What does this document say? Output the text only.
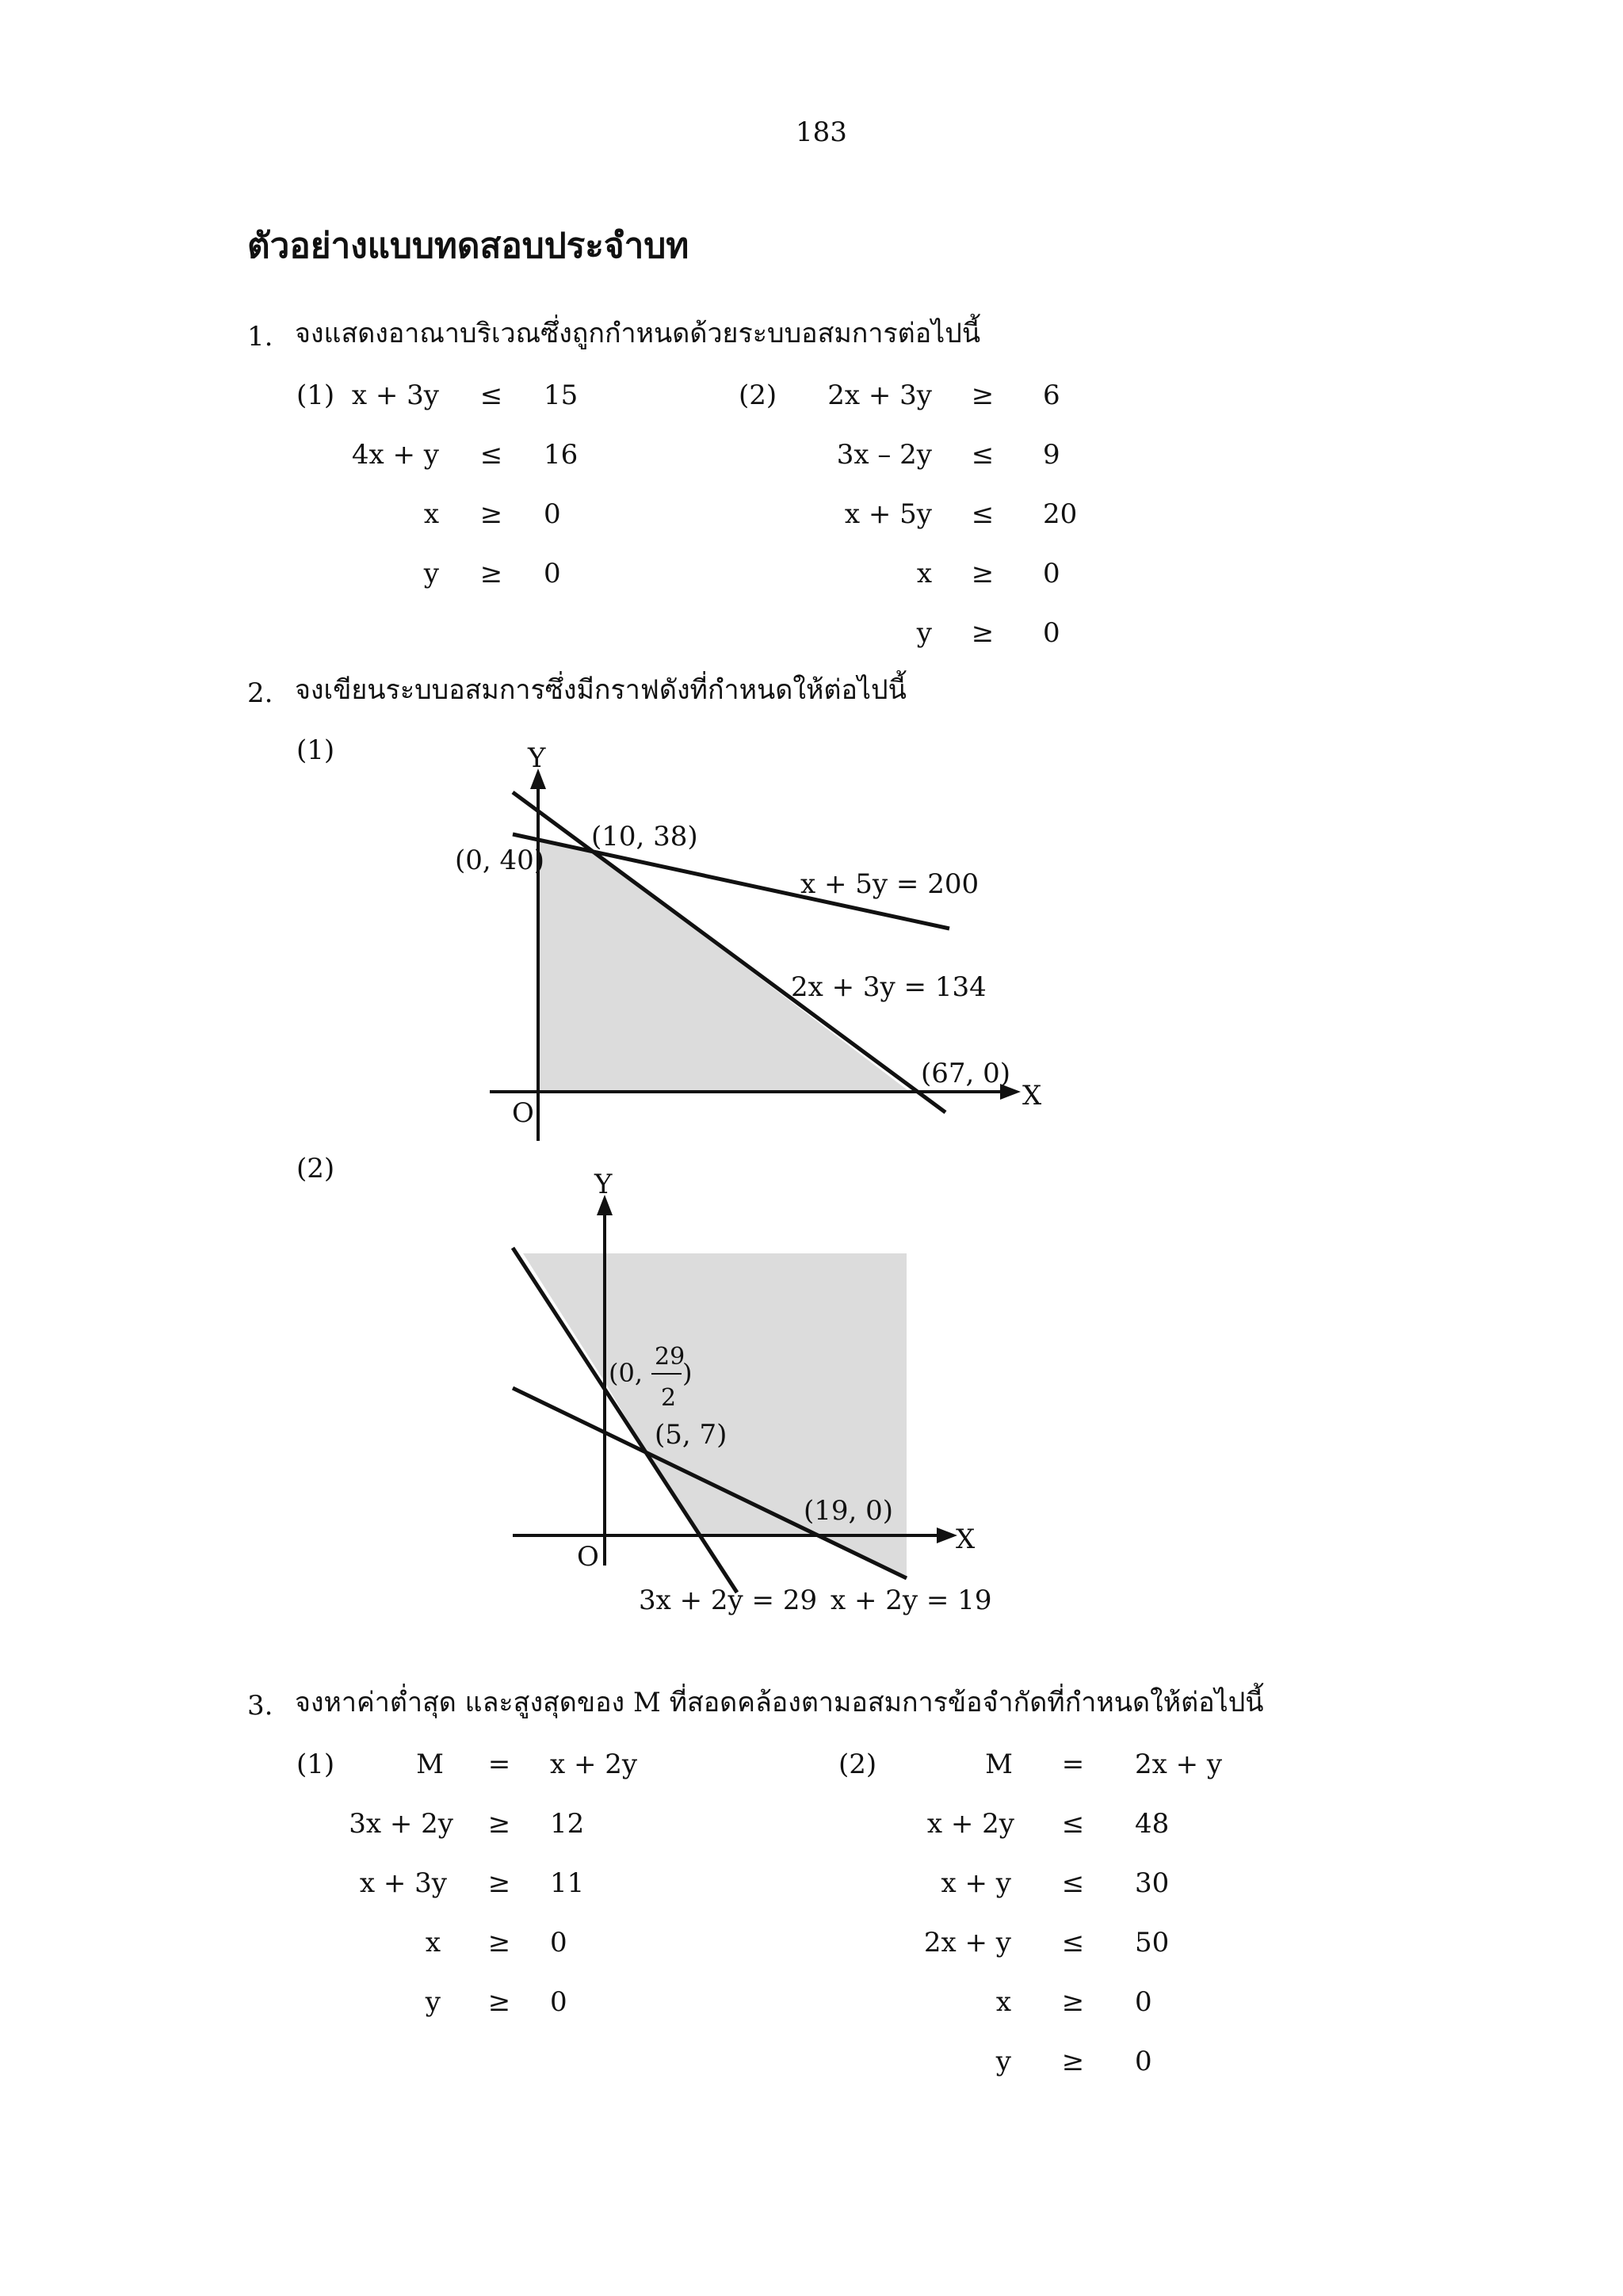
183
ตัวอย่างแบบทดสอบประจำบท
1. จงแสดงอาณาบริเวณซึ่งถูกกำหนดด้วยระบบอสมการต่อไปนี้
(1)	(2)
x + 3y ≤ 15
4x + y ≤ 16
x ≥ 0
y ≥ 0
2x + 3y ≥ 6
3x – 2y ≤ 9
x + 5y ≤ 20
x ≥ 0
y ≥ 0
2. จงเขียนระบบอสมการซึ่งมีกราฟดังที่กำหนดให้ต่อไปนี้
(1)	Y
X
O
(0, 40)
(10, 38)
(67, 0)
x + 5y = 200
2x + 3y = 134
(2)	Y
X
O
(0,
29
2
)
(5, 7)
(19, 0)
3x + 2y = 29 x + 2y = 19
3. จงหาค่าต่ำสุด และสูงสุดของ M ที่สอดคล้องตามอสมการข้อจำกัดที่กำหนดให้ต่อไปนี้
(1)	(2)
M = x + 2y
3x + 2y ≥ 12
x + 3y ≥ 11
x ≥ 0
y ≥ 0
M = 2x + y
x + 2y ≤ 48
x + y ≤ 30
2x + y ≤ 50
x ≥ 0
y ≥ 0
